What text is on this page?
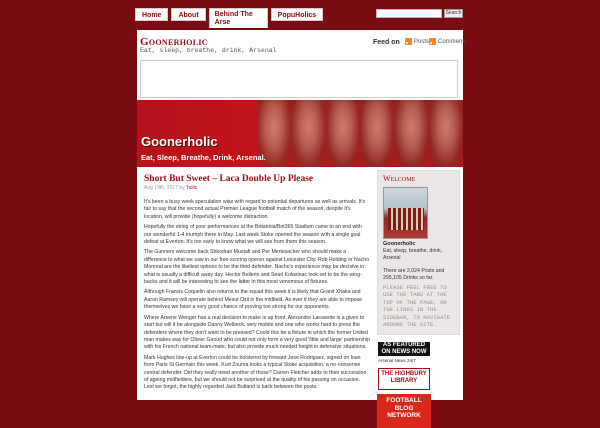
Home	About	Behind The Arse
PopuHolics	Search
Goonerholic
Eat, sleep, breathe, drink, Arsenal
Feed on Posts Comments
Goonerholic
Eat, Sleep, Breathe, Drink, Arsenal.
Short But Sweet – Laca Double Up Please
Aug 19th, 2017 by 'holic

It's been a busy week speculation wise with regard to potential departures as well as arrivals. It's fair to say that the second actual Premier League football match of the season, despite it's location, will provide (hopefully) a welcome distraction.

Hopefully the string of poor performances at the Britannia/Bet365 Stadium came to an end with our wonderful 1-4 triumph there in May. Last week Stoke opened the season with a single goal defeat at Everton. It's too early to know what we will see from them this season.

The Gunners welcome back Shkodran Mustafi and Per Mertesacker who should make a difference to what we saw in our free-scoring opener against Leicester City. Rob Holding or Nacho Monreal are the likeliest options to be the third defender. Nacho's experience may be decisive in what is usually a difficult away day. Hector Bellerin and Sead Kolasinac look set to be the wing-backs and it will be interesting to see the latter in this most venomous of fixtures.

Although Francis Coquelin also returns to the squad this week it is likely that Granit Xhaka and Aaron Ramsey will operate behind Mesut Ozil in the midfield. As ever if they are able to impose themselves we have a very good chance of proving too strong for our opponents.

Where Arsene Wenger has a real decision to make is up front. Alexandre Lacazette is a given to start but will it be alongside Danny Welbeck, very mobile and one who works hard to press the defenders where they don't want to be pressed? Could this be a fixture in which the former United man makes way for Olivier Giroud who could not only form a very good 'little and large' partnership with his French national team-mate, but also provide much needed height in defensive situations.

Mark Hughes line-up at Everton could be bolstered by forward Jese Rodriguez, signed on loan from Paris St Germain this week. Kurt Zouma looks a typical Stoke acquisition, a no-nonsense central defender. Did they really need another of those? Darren Fletcher adds to their succession of ageing midfielders, but we should not be surprised at the quality of his passing on occasion. Lest we forget, the highly regarded Jack Butland is back between the posts.

Welcome
Goonerholic
Eat, sleep, breathe, drink, Arsenal
There are 2,024 Posts and 295,105 Drinks so far.
PLEASE FEEL FREE TO USE THE TABS AT THE TOP OF THE PAGE, OR THE LINKS IN THE SIDEBAR, TO NAVIGATE AROUND THE SITE.
AS FEATURED ON NEWS NOW
Arsenal News 24/7
THE HIGHBURY LIBRARY
FOOTBALL BLOG NETWORK
